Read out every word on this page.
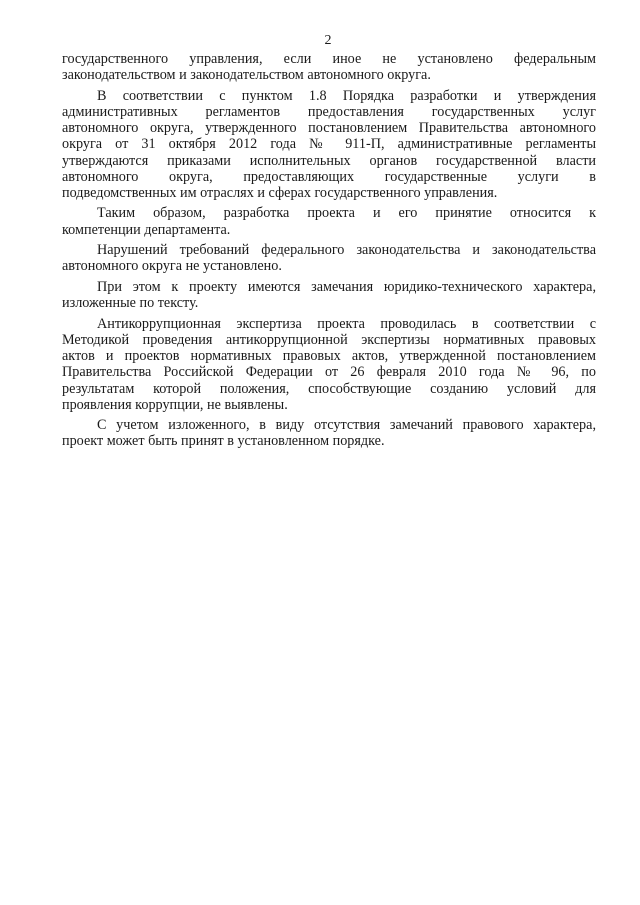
2
государственного управления, если иное не установлено федеральным
законодательством и законодательством автономного округа.
В соответствии с пунктом 1.8 Порядка разработки и утверждения
административных регламентов предоставления государственных услуг
автономного округа, утвержденного постановлением Правительства автономного
округа от 31 октября 2012 года № 911-П, административные регламенты
утверждаются приказами исполнительных органов государственной власти
автономного округа, предоставляющих государственные услуги в
подведомственных им отраслях и сферах государственного управления.
Таким образом, разработка проекта и его принятие относится к
компетенции департамента.
Нарушений требований федерального законодательства и законодательства
автономного округа не установлено.
При этом к проекту имеются замечания юридико-технического характера,
изложенные по тексту.
Антикоррупционная экспертиза проекта проводилась в соответствии с
Методикой проведения антикоррупционной экспертизы нормативных правовых
актов и проектов нормативных правовых актов, утвержденной постановлением
Правительства Российской Федерации от 26 февраля 2010 года № 96, по
результатам которой положения, способствующие созданию условий для
проявления коррупции, не выявлены.
С учетом изложенного, в виду отсутствия замечаний правового характера,
проект может быть принят в установленном порядке.
